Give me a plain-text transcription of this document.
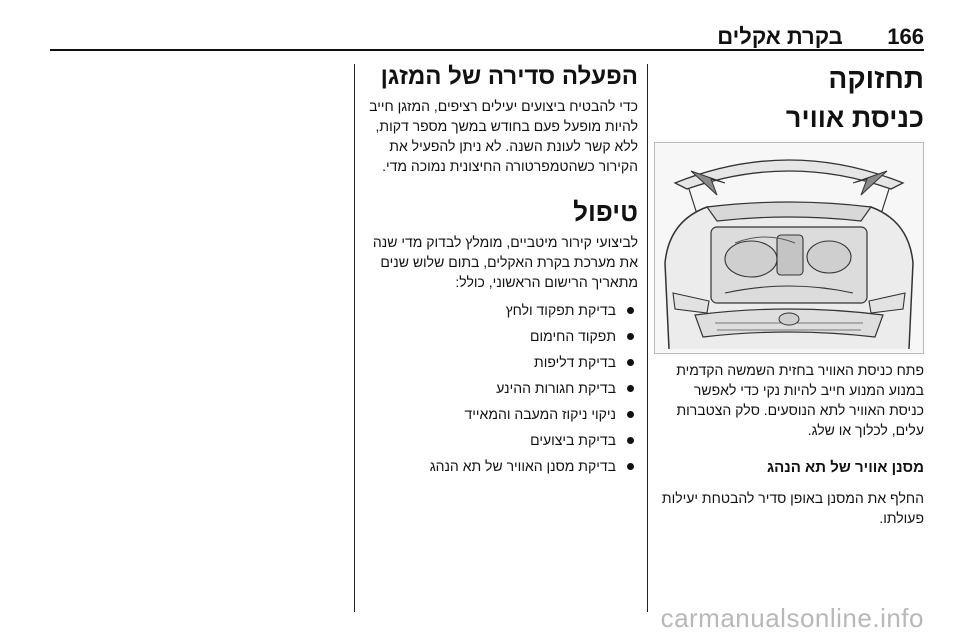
166
בקרת אקלים
תחזוקה
כניסת אוויר

פתח כניסת האוויר בחזית השמשה הקדמית במנוע המנוע חייב להיות נקי כדי לאפשר כניסת האוויר לתא הנוסעים. סלק הצטברות עלים, לכלוך או שלג.

מסנן אוויר של תא הנהג

החלף את המסנן באופן סדיר להבטחת יעילות פעולתו.

הפעלה סדירה של המזגן

כדי להבטיח ביצועים יעילים רציפים, המזגן חייב להיות מופעל פעם בחודש במשך מספר דקות, ללא קשר לעונת השנה. לא ניתן להפעיל את הקירור כשהטמפרטורה החיצונית נמוכה מדי.

טיפול

לביצועי קירור מיטביים, מומלץ לבדוק מדי שנה את מערכת בקרת האקלים, בתום שלוש שנים מתאריך הרישום הראשוני, כולל:

בדיקת תפקוד ולחץ
תפקוד החימום
בדיקת דליפות
בדיקת חגורות ההינע
ניקוי ניקוז המעבה והמאייד
בדיקת ביצועים
בדיקת מסנן האוויר של תא הנהג
carmanualsonline.info
